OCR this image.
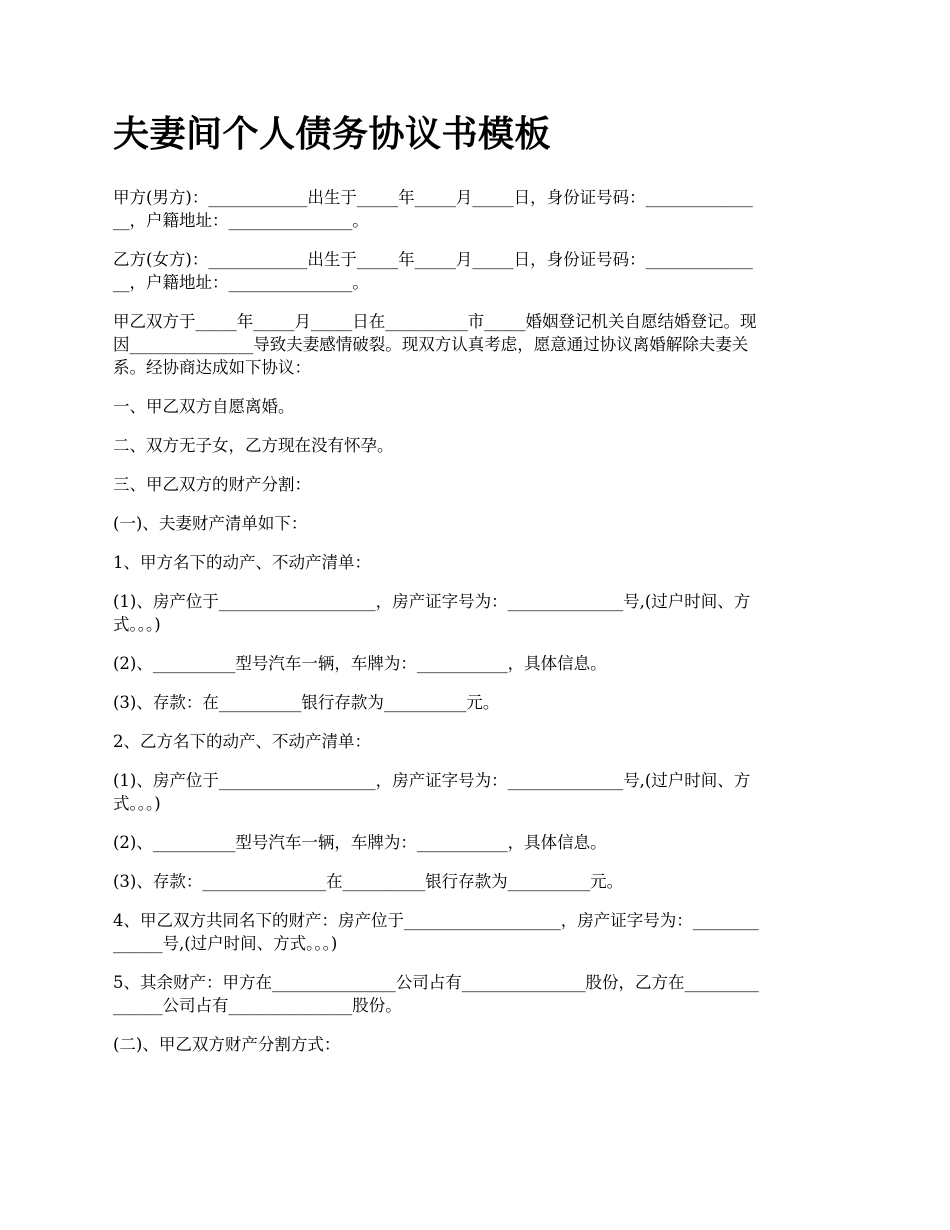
夫妻间个人债务协议书模板

甲方(男方)：____________出生于_____年_____月_____日，身份证号码：_____________
__，户籍地址：_______________。

乙方(女方)：____________出生于_____年_____月_____日，身份证号码：_____________
__，户籍地址：_______________。

甲乙双方于_____年_____月_____日在__________市_____婚姻登记机关自愿结婚登记。现
因_______________导致夫妻感情破裂。现双方认真考虑，愿意通过协议离婚解除夫妻关
系。经协商达成如下协议：

一、甲乙双方自愿离婚。

二、双方无子女，乙方现在没有怀孕。

三、甲乙双方的财产分割：

(一)、夫妻财产清单如下：

1、甲方名下的动产、不动产清单：

(1)、房产位于___________________，房产证字号为：______________号,(过户时间、方
式。。。)

(2)、__________型号汽车一辆，车牌为：___________，具体信息。

(3)、存款：在__________银行存款为__________元。

2、乙方名下的动产、不动产清单：

(1)、房产位于___________________，房产证字号为：______________号,(过户时间、方
式。。。)

(2)、__________型号汽车一辆，车牌为：___________，具体信息。

(3)、存款：_______________在__________银行存款为__________元。

4、甲乙双方共同名下的财产：房产位于___________________，房产证字号为：________
______号,(过户时间、方式。。。)

5、其余财产：甲方在_______________公司占有_______________股份，乙方在_________
______公司占有_______________股份。

(二)、甲乙双方财产分割方式：
